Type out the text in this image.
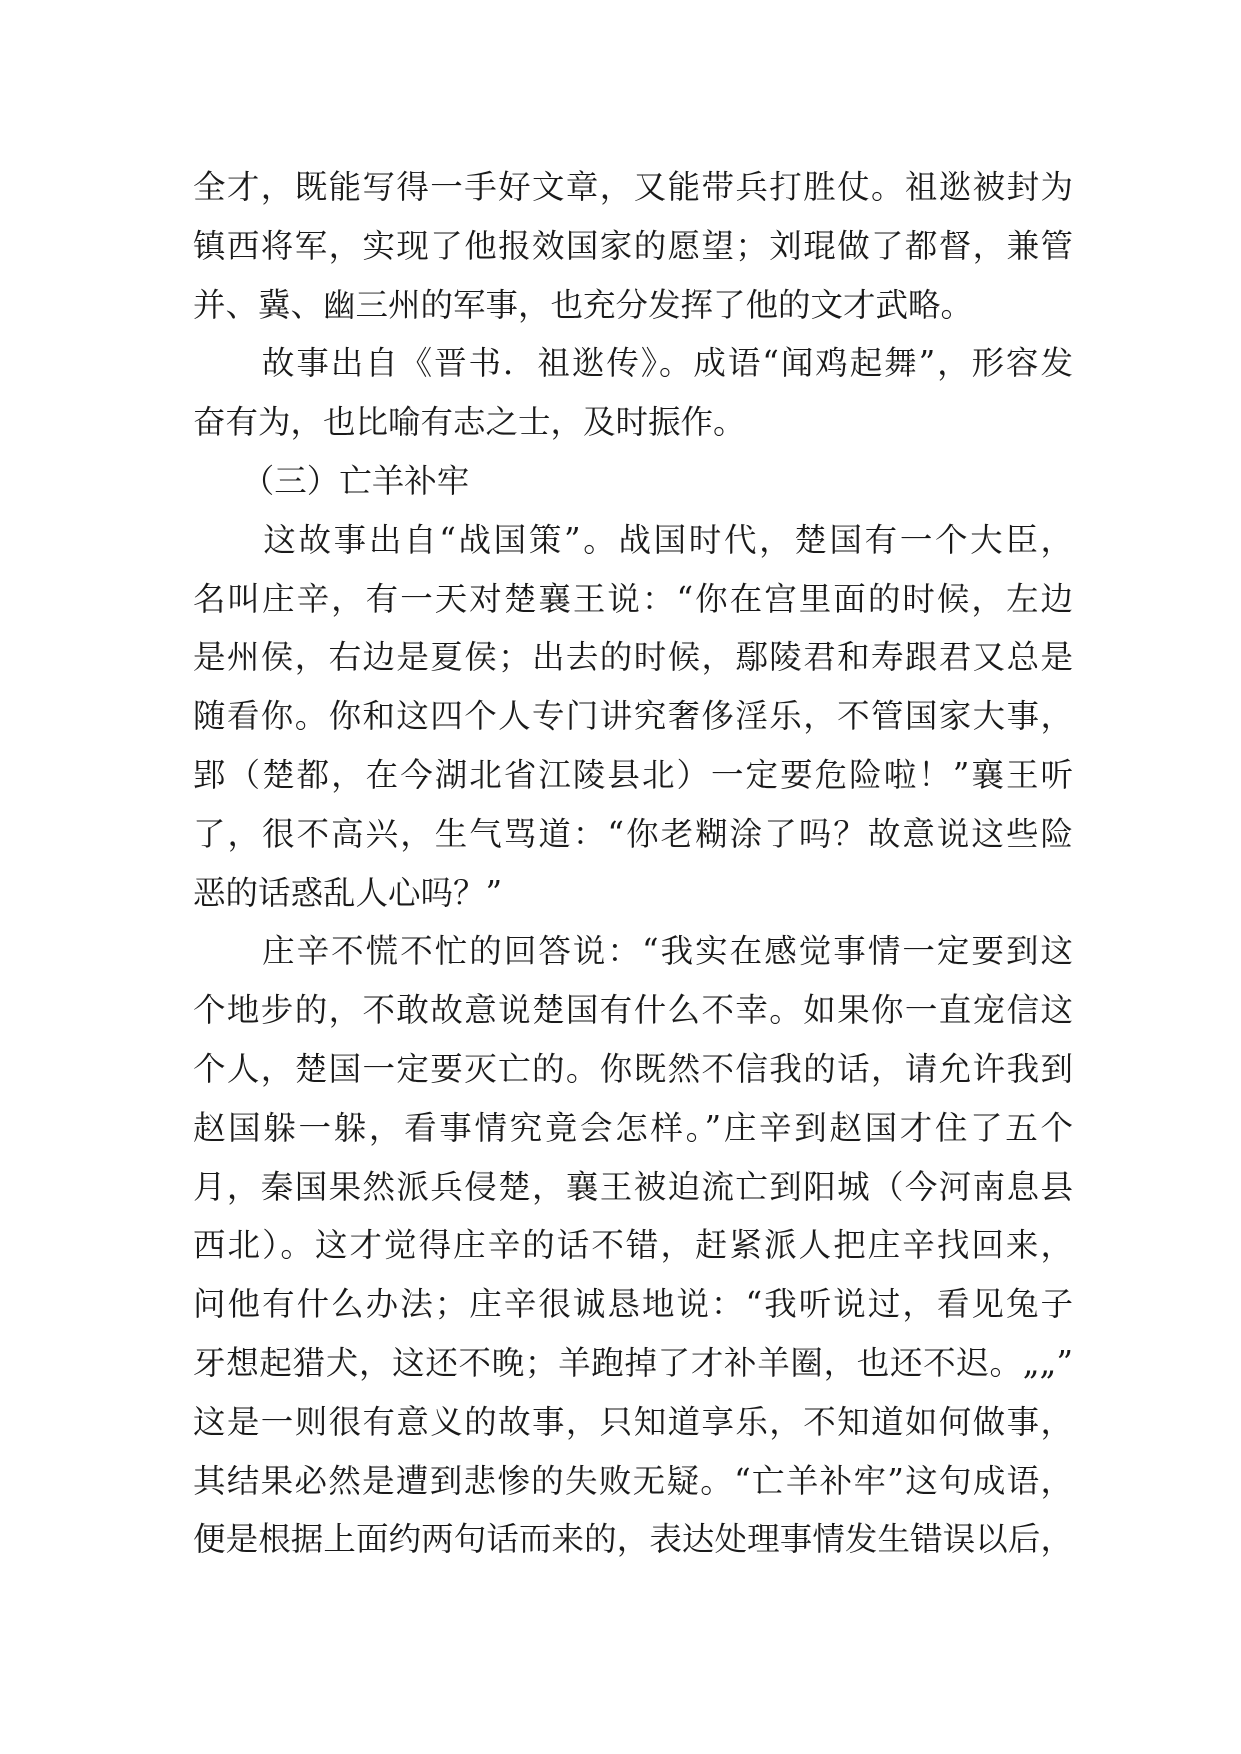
全才，既能写得一手好文章，又能带兵打胜仗。祖逖被封为
镇西将军，实现了他报效国家的愿望；刘琨做了都督，兼管
并、冀、幽三州的军事，也充分发挥了他的文才武略。
　　故事出自《晋书．祖逖传》。成语“闻鸡起舞”，形容发
奋有为，也比喻有志之士，及时振作。
　　（三）亡羊补牢
　　这故事出自“战国策”。战国时代，楚国有一个大臣，
名叫庄辛，有一天对楚襄王说：“你在宫里面的时候，左边
是州侯，右边是夏侯；出去的时候，鄢陵君和寿跟君又总是
随看你。你和这四个人专门讲究奢侈淫乐，不管国家大事，
郢（楚都，在今湖北省江陵县北）一定要危险啦！”襄王听
了，很不高兴，生气骂道：“你老糊涂了吗？故意说这些险
恶的话惑乱人心吗？”
　　庄辛不慌不忙的回答说：“我实在感觉事情一定要到这
个地步的，不敢故意说楚国有什么不幸。如果你一直宠信这
个人，楚国一定要灭亡的。你既然不信我的话，请允许我到
赵国躲一躲，看事情究竟会怎样。”庄辛到赵国才住了五个
月，秦国果然派兵侵楚，襄王被迫流亡到阳城（今河南息县
西北）。这才觉得庄辛的话不错，赶紧派人把庄辛找回来，
问他有什么办法；庄辛很诚恳地说：“我听说过，看见兔子
牙想起猎犬，这还不晚；羊跑掉了才补羊圈，也还不迟。„„”
这是一则很有意义的故事，只知道享乐，不知道如何做事，
其结果必然是遭到悲惨的失败无疑。“亡羊补牢”这句成语，
便是根据上面约两句话而来的，表达处理事情发生错误以后，
